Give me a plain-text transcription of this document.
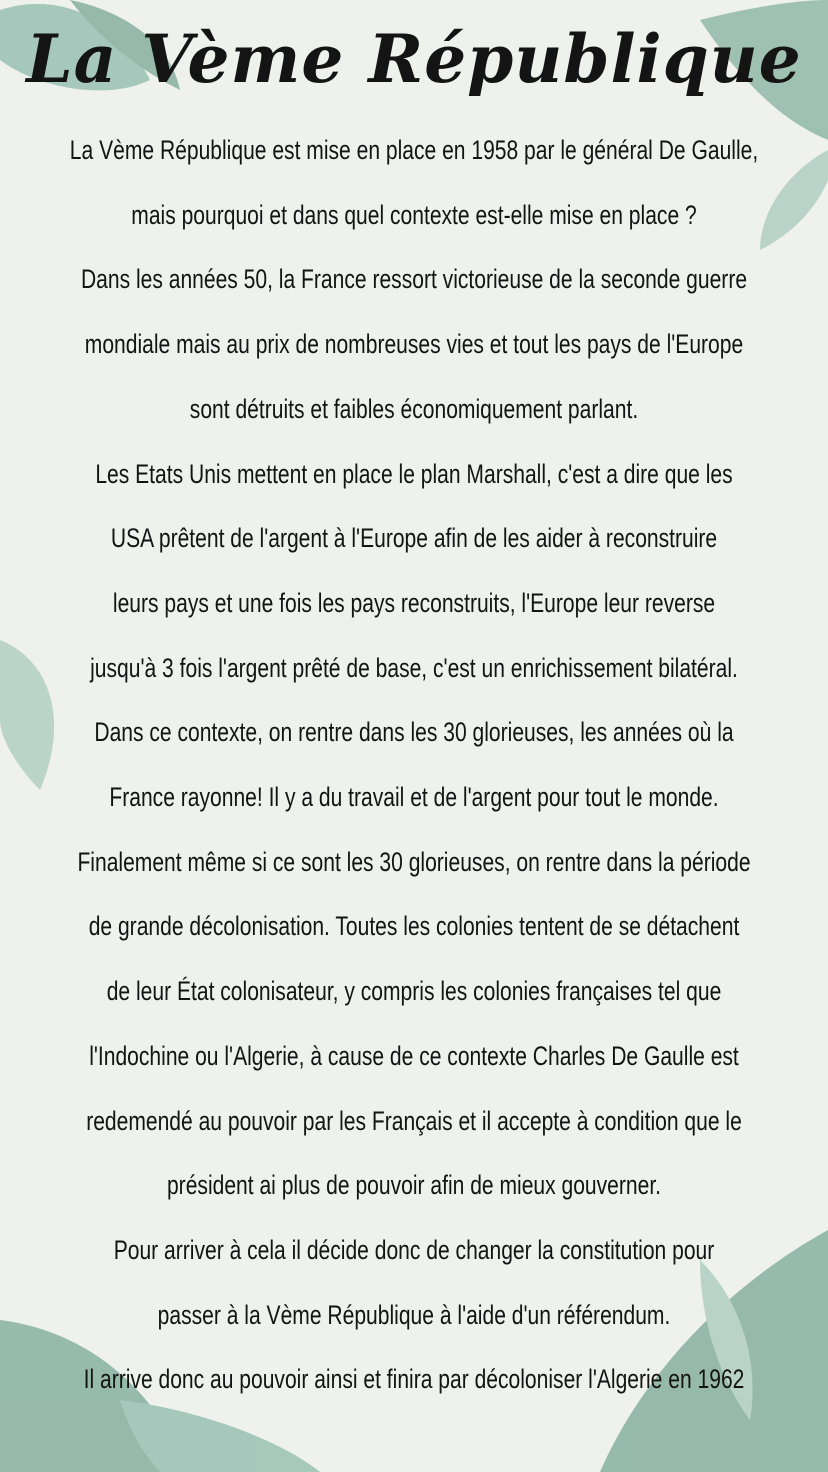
La Vème République
La Vème République est mise en place en 1958 par le général De Gaulle,
mais pourquoi et dans quel contexte est-elle mise en place ?
Dans les années 50, la France ressort victorieuse de la seconde guerre
mondiale mais au prix de nombreuses vies et tout les pays de l'Europe
sont détruits et faibles économiquement parlant.
Les Etats Unis mettent en place le plan Marshall, c'est a dire que les
USA prêtent de l'argent à l'Europe afin de les aider à reconstruire
leurs pays et une fois les pays reconstruits, l'Europe leur reverse
jusqu'à 3 fois l'argent prêté de base, c'est un enrichissement bilatéral.
Dans ce contexte, on rentre dans les 30 glorieuses, les années où la
France rayonne! Il y a du travail et de l'argent pour tout le monde.
Finalement même si ce sont les 30 glorieuses, on rentre dans la période
de grande décolonisation. Toutes les colonies tentent de se détachent
de leur État colonisateur, y compris les colonies françaises tel que
l'Indochine ou l'Algerie, à cause de ce contexte Charles De Gaulle est
redemendé au pouvoir par les Français et il accepte à condition que le
président ai plus de pouvoir afin de mieux gouverner.
Pour arriver à cela il décide donc de changer la constitution pour
passer à la Vème République à l'aide d'un référendum.
Il arrive donc au pouvoir ainsi et finira par décoloniser l'Algerie en 1962
